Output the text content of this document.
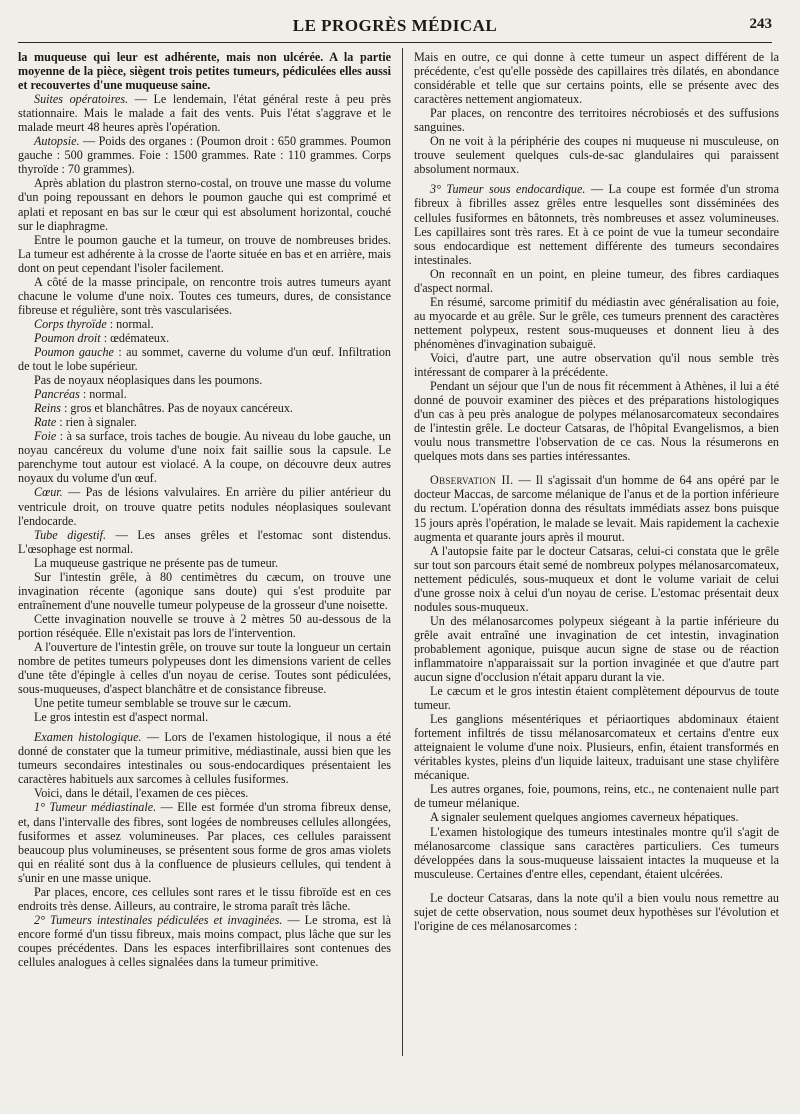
LE PROGRÈS MÉDICAL	243

la muqueuse qui leur est adhérente, mais non ulcérée. A la partie moyenne de la pièce, siègent trois petites tumeurs, pédiculées elles aussi et recouvertes d'une muqueuse saine.

Suites opératoires. — Le lendemain, l'état général reste à peu près stationnaire. Mais le malade a fait des vents. Puis l'état s'aggrave et le malade meurt 48 heures après l'opération.

Autopsie. — Poids des organes : (Poumon droit : 650 grammes. Poumon gauche : 500 grammes. Foie : 1500 grammes. Rate : 110 grammes. Corps thyroïde : 70 grammes).

Après ablation du plastron sterno-costal, on trouve une masse du volume d'un poing repoussant en dehors le poumon gauche qui est comprimé et aplati et reposant en bas sur le cœur qui est absolument horizontal, couché sur le diaphragme.

Entre le poumon gauche et la tumeur, on trouve de nombreuses brides. La tumeur est adhérente à la crosse de l'aorte située en bas et en arrière, mais dont on peut cependant l'isoler facilement.

A côté de la masse principale, on rencontre trois autres tumeurs ayant chacune le volume d'une noix. Toutes ces tumeurs, dures, de consistance fibreuse et régulière, sont très vascularisées.

Corps thyroïde : normal.

Poumon droit : œdémateux.

Poumon gauche : au sommet, caverne du volume d'un œuf. Infiltration de tout le lobe supérieur.

Pas de noyaux néoplasiques dans les poumons.

Pancréas : normal.

Reins : gros et blanchâtres. Pas de noyaux cancéreux.

Rate : rien à signaler.

Foie : à sa surface, trois taches de bougie. Au niveau du lobe gauche, un noyau cancéreux du volume d'une noix fait saillie sous la capsule. Le parenchyme tout autour est violacé. A la coupe, on découvre deux autres noyaux du volume d'un œuf.

Cœur. — Pas de lésions valvulaires. En arrière du pilier antérieur du ventricule droit, on trouve quatre petits nodules néoplasiques soulevant l'endocarde.

Tube digestif. — Les anses grêles et l'estomac sont distendus. L'œsophage est normal.

La muqueuse gastrique ne présente pas de tumeur.

Sur l'intestin grêle, à 80 centimètres du cæcum, on trouve une invagination récente (agonique sans doute) qui s'est produite par entraînement d'une nouvelle tumeur polypeuse de la grosseur d'une noisette.

Cette invagination nouvelle se trouve à 2 mètres 50 au-dessous de la portion réséquée. Elle n'existait pas lors de l'intervention.

A l'ouverture de l'intestin grêle, on trouve sur toute la longueur un certain nombre de petites tumeurs polypeuses dont les dimensions varient de celles d'une tête d'épingle à celles d'un noyau de cerise. Toutes sont pédiculées, sous-muqueuses, d'aspect blanchâtre et de consistance fibreuse.

Une petite tumeur semblable se trouve sur le cæcum.

Le gros intestin est d'aspect normal.

Examen histologique. — Lors de l'examen histologique, il nous a été donné de constater que la tumeur primitive, médiastinale, aussi bien que les tumeurs secondaires intestinales ou sous-endocardiques présentaient les caractères habituels aux sarcomes à cellules fusiformes.

Voici, dans le détail, l'examen de ces pièces.

1° Tumeur médiastinale. — Elle est formée d'un stroma fibreux dense, et, dans l'intervalle des fibres, sont logées de nombreuses cellules allongées, fusiformes et assez volumineuses. Par places, ces cellules paraissent beaucoup plus volumineuses, se présentent sous forme de gros amas violets qui en réalité sont dus à la confluence de plusieurs cellules, qui tendent à s'unir en une masse unique.

Par places, encore, ces cellules sont rares et le tissu fibroïde est en ces endroits très dense. Ailleurs, au contraire, le stroma paraît très lâche.

2° Tumeurs intestinales pédiculées et invaginées. — Le stroma, est là encore formé d'un tissu fibreux, mais moins compact, plus lâche que sur les coupes précédentes. Dans les espaces interfibrillaires sont contenues des cellules analogues à celles signalées dans la tumeur primitive.

Mais en outre, ce qui donne à cette tumeur un aspect différent de la précédente, c'est qu'elle possède des capillaires très dilatés, en abondance considérable et telle que sur certains points, elle se présente avec des caractères nettement angiomateux.

Par places, on rencontre des territoires nécrobiosés et des suffusions sanguines.

On ne voit à la périphérie des coupes ni muqueuse ni musculeuse, on trouve seulement quelques culs-de-sac glandulaires qui paraissent absolument normaux.

3° Tumeur sous endocardique. — La coupe est formée d'un stroma fibreux à fibrilles assez grêles entre lesquelles sont disséminées des cellules fusiformes en bâtonnets, très nombreuses et assez volumineuses. Les capillaires sont très rares. Et à ce point de vue la tumeur secondaire sous endocardique est nettement différente des tumeurs secondaires intestinales.

On reconnaît en un point, en pleine tumeur, des fibres cardiaques d'aspect normal.

En résumé, sarcome primitif du médiastin avec généralisation au foie, au myocarde et au grêle. Sur le grêle, ces tumeurs prennent des caractères nettement polypeux, restent sous-muqueuses et donnent lieu à des phénomènes d'invagination subaiguë.

Voici, d'autre part, une autre observation qu'il nous semble très intéressant de comparer à la précédente.

Pendant un séjour que l'un de nous fit récemment à Athènes, il lui a été donné de pouvoir examiner des pièces et des préparations histologiques d'un cas à peu près analogue de polypes mélanosarcomateux secondaires de l'intestin grêle. Le docteur Catsaras, de l'hôpital Evangelismos, a bien voulu nous transmettre l'observation de ce cas. Nous la résumerons en quelques mots dans ses parties intéressantes.

Observation II. — Il s'agissait d'un homme de 64 ans opéré par le docteur Maccas, de sarcome mélanique de l'anus et de la portion inférieure du rectum. L'opération donna des résultats immédiats assez bons puisque 15 jours après l'opération, le malade se levait. Mais rapidement la cachexie augmenta et quarante jours après il mourut.

A l'autopsie faite par le docteur Catsaras, celui-ci constata que le grêle sur tout son parcours était semé de nombreux polypes mélanosarcomateux, nettement pédiculés, sous-muqueux et dont le volume variait de celui d'une grosse noix à celui d'un noyau de cerise. L'estomac présentait deux nodules sous-muqueux.

Un des mélanosarcomes polypeux siégeant à la partie inférieure du grêle avait entraîné une invagination de cet intestin, invagination probablement agonique, puisque aucun signe de stase ou de réaction inflammatoire n'apparaissait sur la portion invaginée et que d'autre part aucun signe d'occlusion n'était apparu durant la vie.

Le cæcum et le gros intestin étaient complètement dépourvus de toute tumeur.

Les ganglions mésentériques et périaortiques abdominaux étaient fortement infiltrés de tissu mélanosarcomateux et certains d'entre eux atteignaient le volume d'une noix. Plusieurs, enfin, étaient transformés en véritables kystes, pleins d'un liquide laiteux, traduisant une stase chylifère mécanique.

Les autres organes, foie, poumons, reins, etc., ne contenaient nulle part de tumeur mélanique.

A signaler seulement quelques angiomes caverneux hépatiques.

L'examen histologique des tumeurs intestinales montre qu'il s'agit de mélanosarcome classique sans caractères particuliers. Ces tumeurs développées dans la sous-muqueuse laissaient intactes la muqueuse et la musculeuse. Certaines d'entre elles, cependant, étaient ulcérées.

Le docteur Catsaras, dans la note qu'il a bien voulu nous remettre au sujet de cette observation, nous soumet deux hypothèses sur l'évolution et l'origine de ces mélanosarcomes :
